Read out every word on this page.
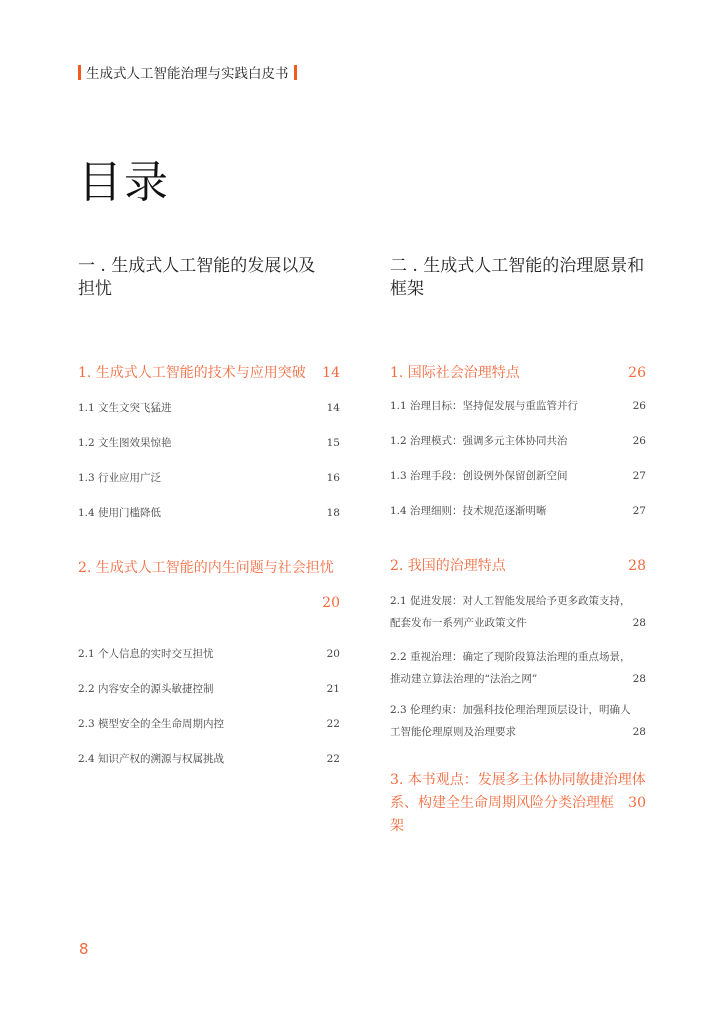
生成式人工智能治理与实践白皮书
目录
一 . 生成式人工智能的发展以及
担忧
1. 生成式人工智能的技术与应用突破 14
1.1 文生文突飞猛进	14
1.2 文生图效果惊艳	15
1.3 行业应用广泛	16
1.4 使用门槛降低	18
2. 生成式人工智能的内生问题与社会担忧
20
2.1 个人信息的实时交互担忧	20
2.2 内容安全的源头敏捷控制	21
2.3 模型安全的全生命周期内控	22
2.4 知识产权的溯源与权属挑战	22
二 . 生成式人工智能的治理愿景和
框架
1. 国际社会治理特点	26
1.1 治理目标：坚持促发展与重监管并行	26
1.2 治理模式：强调多元主体协同共治	26
1.3 治理手段：创设例外保留创新空间	27
1.4 治理细则：技术规范逐渐明晰	27
2. 我国的治理特点	28
2.1 促进发展：对人工智能发展给予更多政策支持，
配套发布一系列产业政策文件	28
2.2 重视治理：确定了现阶段算法治理的重点场景，
推动建立算法治理的“法治之网”	28
2.3 伦理约束：加强科技伦理治理顶层设计，明确人
工智能伦理原则及治理要求	28
3. 本书观点：发展多主体协同敏捷治理体
系、构建全生命周期风险分类治理框架
30
8
